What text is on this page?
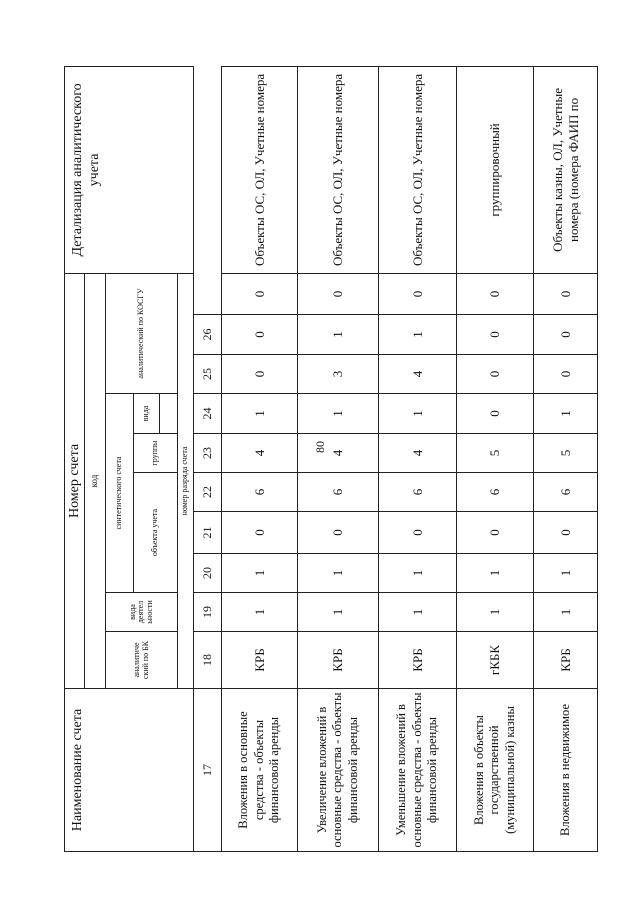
80
Наименование счета	Номер счета										Детализация аналитического учета
	код										
	аналитиче ский по БК	вида деятел ьности	синтетического счета					аналитический по КОСГУ			
			объекта учета			группы	вида				

	номер разряда счета										
17	18	19	20	21	22	23	24	25	26		
Вложения в основные средства - объекты финансовой аренды	КРБ	1	1	0	6	4	1	0	0	0	Объекты ОС, ОЛ, Учетные номера
Увеличение вложений в основные средства - объекты финансовой аренды	КРБ	1	1	0	6	4	1	3	1	0	Объекты ОС, ОЛ, Учетные номера
Уменьшение вложений в основные средства - объекты финансовой аренды	КРБ	1	1	0	6	4	1	4	1	0	Объекты ОС, ОЛ, Учетные номера
Вложения в объекты государственной (муниципальной) казны	гКБК	1	1	0	6	5	0	0	0	0	группировочный
Вложения в недвижимое	КРБ	1	1	0	6	5	1	0	0	0	Объекты казны, ОЛ, Учетные номера (номера ФАИП по
